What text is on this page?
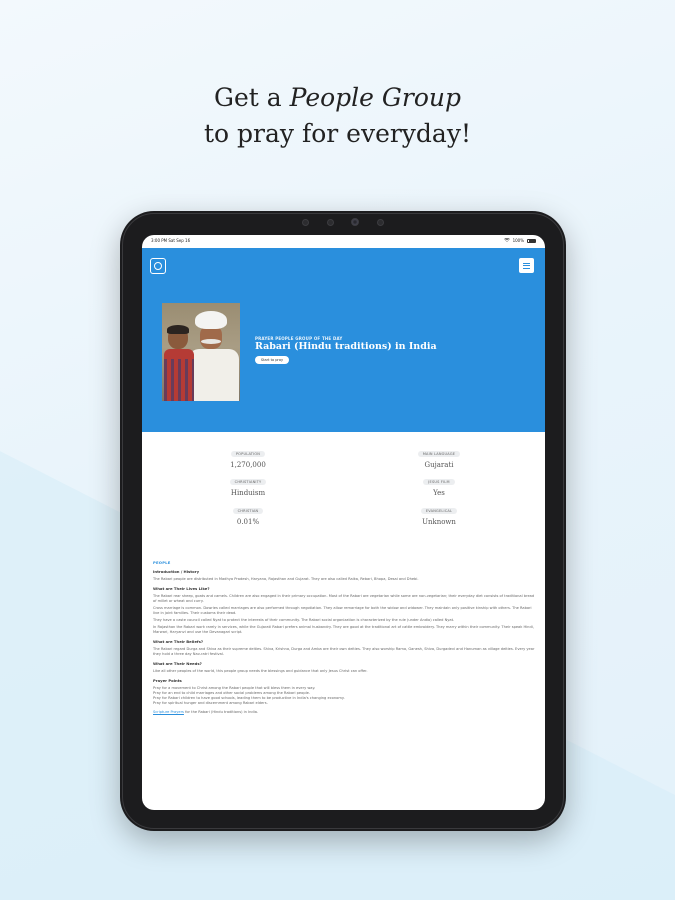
Get a People Group
to pray for everyday!
3:00 PM Sat Sep 16	100%
PRAYER PEOPLE GROUP OF THE DAY
Rabari (Hindu traditions) in India
Start to pray
POPULATION
1,270,000
MAIN LANGUAGE
Gujarati
CHRISTIANITY
Hinduism
JESUS FILM
Yes
CHRISTIAN
0.01%
EVANGELICAL
Unknown
PEOPLE
Introduction / History
The Rabari people are distributed in Madhya Pradesh, Haryana, Rajasthan and Gujarat. They are also called Raika, Rebari, Bhopa, Desai and Dhebi.
What are Their Lives Like?
The Rabari rear sheep, goats and camels. Children are also engaged in their primary occupation. Most of the Rabari are vegetarian while some are non-vegetarian; their everyday diet consists of traditional bread of millet or wheat and curry.
Cross marriage is common. Dowries called marriages are also performed through negotiation. They allow remarriage for both the widow and widower. They maintain only positive kinship with others. The Rabari live in joint families. Their customs their dead.
They have a caste council called Nyat to protect the interests of their community. The Rabari social organization is characterized by the rule (under Andio) called Nyat.
In Rajasthan the Rabari work rarely in services, while the Gujarati Rabari prefers animal husbandry. They are good at the traditional art of cattle embroidery. They marry within their community. Their speak Hindi, Marwari, Haryanvi and use the Devanagari script.
What are Their Beliefs?
The Rabari regard Durga and Shiva as their supreme deities. Shiva, Krishna, Durga and Amba are their own deities. They also worship Rama, Ganesh, Shiva, Durgadevi and Hanuman as village deities. Every year they hold a three day Nav-ratri festival.
What are Their Needs?
Like all other peoples of the world, this people group needs the blessings and guidance that only Jesus Christ can offer.
Prayer Points
Pray for a movement to Christ among the Rabari people that will bless them in every way.
Pray for an end to child marriages and other social problems among the Rabari people.
Pray for Rabari children to have good schools, leading them to be productive in India's changing economy.
Pray for spiritual hunger and discernment among Rabari elders.
Scripture Prayers for the Rabari (Hindu traditions) in India.
